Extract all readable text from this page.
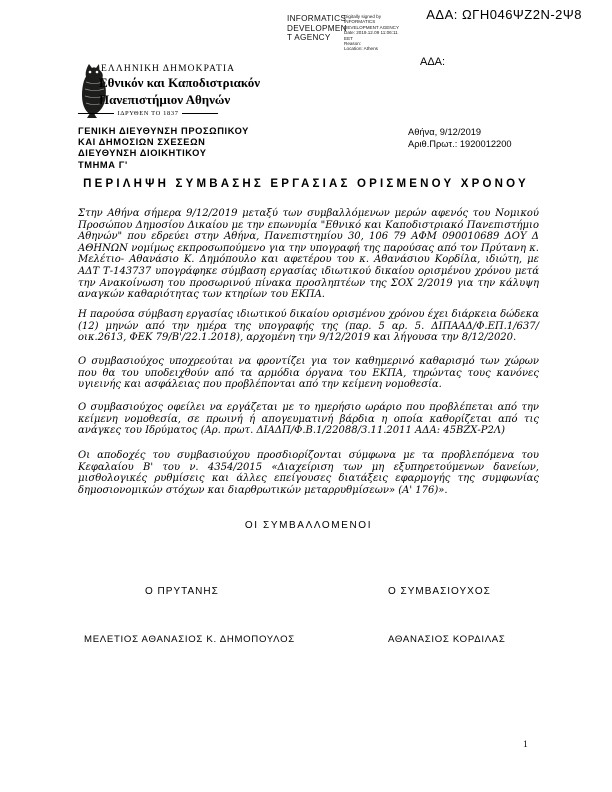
ΑΔΑ: ΩΓΗ046ΨΖ2Ν-2Ψ8
INFORMATICS
DEVELOPMEN
T AGENCY
Digitally signed by
INFORMATICS
DEVELOPMENT AGENCY
Date: 2019.12.09 11:06:11
EET
Reason:
Location: Athens
ΑΔΑ:
ΕΛΛΗΝΙΚΗ ΔΗΜΟΚΡΑΤΙΑ
Εθνικόν και Καποδιστριακόν
Πανεπιστήμιον Αθηνών
ΙΔΡΥΘΕΝ ΤΟ 1837
ΓΕΝΙΚΗ ΔΙΕΥΘΥΝΣΗ ΠΡΟΣΩΠΙΚΟΥ
ΚΑΙ ΔΗΜΟΣΙΩΝ ΣΧΕΣΕΩΝ
ΔΙΕΥΘΥΝΣΗ ΔΙΟΙΚΗΤΙΚΟΥ
ΤΜΗΜΑ Γ'
Αθήνα, 9/12/2019
Αριθ.Πρωτ.: 1920012200
ΠΕΡΙΛΗΨΗ ΣΥΜΒΑΣΗΣ ΕΡΓΑΣΙΑΣ ΟΡΙΣΜΕΝΟΥ ΧΡΟΝΟΥ

Στην Αθήνα σήμερα 9/12/2019 μεταξύ των συμβαλλόμενων μερών αφενός του Νομικού Προσώπου Δημοσίου Δικαίου με την επωνυμία "Εθνικό και Καποδιστριακό Πανεπιστήμιο Αθηνών" που εδρεύει στην Αθήνα, Πανεπιστημίου 30, 106 79 ΑΦΜ 090010689 ΔΟΥ Δ ΑΘΗΝΩΝ νομίμως εκπροσωπούμενο για την υπογραφή της παρούσας από τον Πρύτανη κ. Μελέτιο- Αθανάσιο Κ. Δημόπουλο και αφετέρου του κ. Αθανάσιου Κορδίλα, ιδιώτη, με ΑΔΤ Τ-143737 υπογράφηκε σύμβαση εργασίας ιδιωτικού δικαίου ορισμένου χρόνου μετά την Ανακοίνωση του προσωρινού πίνακα προσληπτέων της ΣΟΧ 2/2019 για την κάλυψη αναγκών καθαριότητας των κτηρίων του ΕΚΠΑ.

Η παρούσα σύμβαση εργασίας ιδιωτικού δικαίου ορισμένου χρόνου έχει διάρκεια δώδεκα (12) μηνών από την ημέρα της υπογραφής της (παρ. 5 αρ. 5. ΔΙΠΑΑΔ/Φ.ΕΠ.1/637/οικ.2613, ΦΕΚ 79/Β'/22.1.2018), αρχομένη την 9/12/2019 και λήγουσα την 8/12/2020.

Ο συμβασιούχος υποχρεούται να φροντίζει για τον καθημερινό καθαρισμό των χώρων που θα του υποδειχθούν από τα αρμόδια όργανα του ΕΚΠΑ, τηρώντας τους κανόνες υγιεινής και ασφάλειας που προβλέπονται από την κείμενη νομοθεσία.

Ο συμβασιούχος οφείλει να εργάζεται με το ημερήσιο ωράριο που προβλέπεται από την κείμενη νομοθεσία, σε πρωινή ή απογευματινή βάρδια η οποία καθορίζεται από τις ανάγκες του Ιδρύματος (Αρ. πρωτ. ΔΙΑΔΠ/Φ.Β.1/22088/3.11.2011 ΑΔΑ: 45ΒΖΧ-Ρ2Λ)

Οι αποδοχές του συμβασιούχου προσδιορίζονται σύμφωνα με τα προβλεπόμενα του Κεφαλαίου Β' του ν. 4354/2015 «Διαχείριση των μη εξυπηρετούμενων δανείων, μισθολογικές ρυθμίσεις και άλλες επείγουσες διατάξεις εφαρμογής της συμφωνίας δημοσιονομικών στόχων και διαρθρωτικών μεταρρυθμίσεων» (Α' 176)».

ΟΙ ΣΥΜΒΑΛΛΟΜΕΝΟΙ
Ο ΠΡΥΤΑΝΗΣ	Ο ΣΥΜΒΑΣΙΟΥΧΟΣ
ΜΕΛΕΤΙΟΣ ΑΘΑΝΑΣΙΟΣ Κ. ΔΗΜΟΠΟΥΛΟΣ	ΑΘΑΝΑΣΙΟΣ ΚΟΡΔΙΛΑΣ
1
